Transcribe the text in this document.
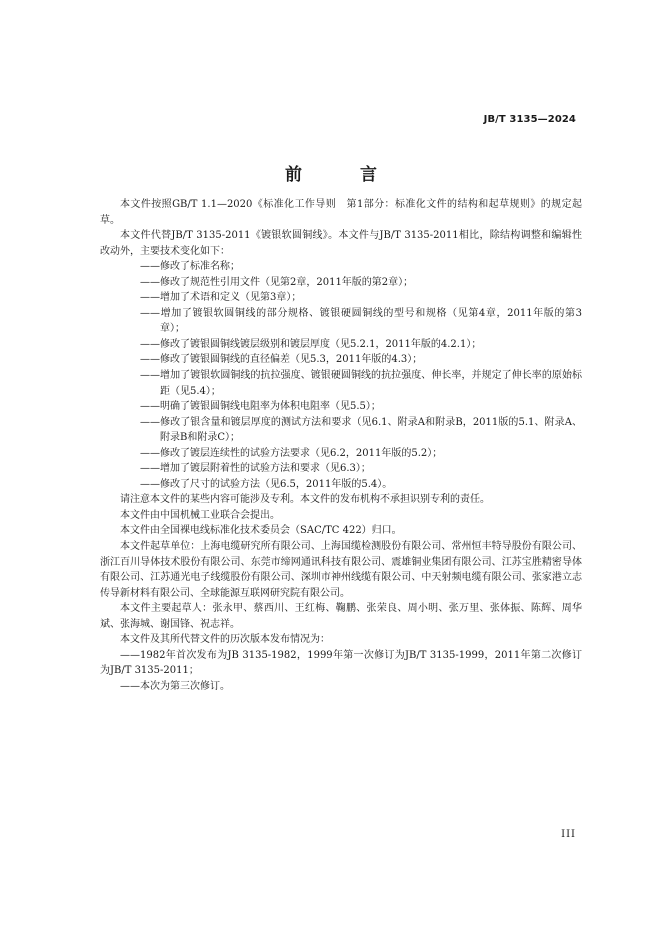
JB/T 3135—2024
前 言

本文件按照GB/T 1.1—2020《标准化工作导则　第1部分：标准化文件的结构和起草规则》的规定起草。

本文件代替JB/T 3135-2011《镀银软圆铜线》。本文件与JB/T 3135-2011相比，除结构调整和编辑性改动外，主要技术变化如下：

——修改了标准名称；

——修改了规范性引用文件（见第2章，2011年版的第2章）；

——增加了术语和定义（见第3章）；

——增加了镀银软圆铜线的部分规格、镀银硬圆铜线的型号和规格（见第4章，2011年版的第3章）；

——修改了镀银圆铜线镀层级别和镀层厚度（见5.2.1，2011年版的4.2.1）；

——修改了镀银圆铜线的直径偏差（见5.3，2011年版的4.3）；

——增加了镀银软圆铜线的抗拉强度、镀银硬圆铜线的抗拉强度、伸长率，并规定了伸长率的原始标距（见5.4）；

——明确了镀银圆铜线电阻率为体积电阻率（见5.5）；

——修改了银含量和镀层厚度的测试方法和要求（见6.1、附录A和附录B，2011版的5.1、附录A、附录B和附录C）；

——修改了镀层连续性的试验方法要求（见6.2，2011年版的5.2）；

——增加了镀层附着性的试验方法和要求（见6.3）；

——修改了尺寸的试验方法（见6.5，2011年版的5.4）。

请注意本文件的某些内容可能涉及专利。本文件的发布机构不承担识别专利的责任。

本文件由中国机械工业联合会提出。

本文件由全国裸电线标准化技术委员会（SAC/TC 422）归口。

本文件起草单位：上海电缆研究所有限公司、上海国缆检测股份有限公司、常州恒丰特导股份有限公司、浙江百川导体技术股份有限公司、东莞市缔网通讯科技有限公司、震雄铜业集团有限公司、江苏宝胜精密导体有限公司、江苏通光电子线缆股份有限公司、深圳市神州线缆有限公司、中天射频电缆有限公司、张家港立志传导新材料有限公司、全球能源互联网研究院有限公司。

本文件主要起草人：张永甲、蔡西川、王红梅、鞠鹏、张荣良、周小明、张万里、张体振、陈辉、周华斌、张海城、谢国锋、祝志祥。

本文件及其所代替文件的历次版本发布情况为：

——1982年首次发布为JB 3135-1982，1999年第一次修订为JB/T 3135-1999，2011年第二次修订为JB/T 3135-2011；

——本次为第三次修订。

III
